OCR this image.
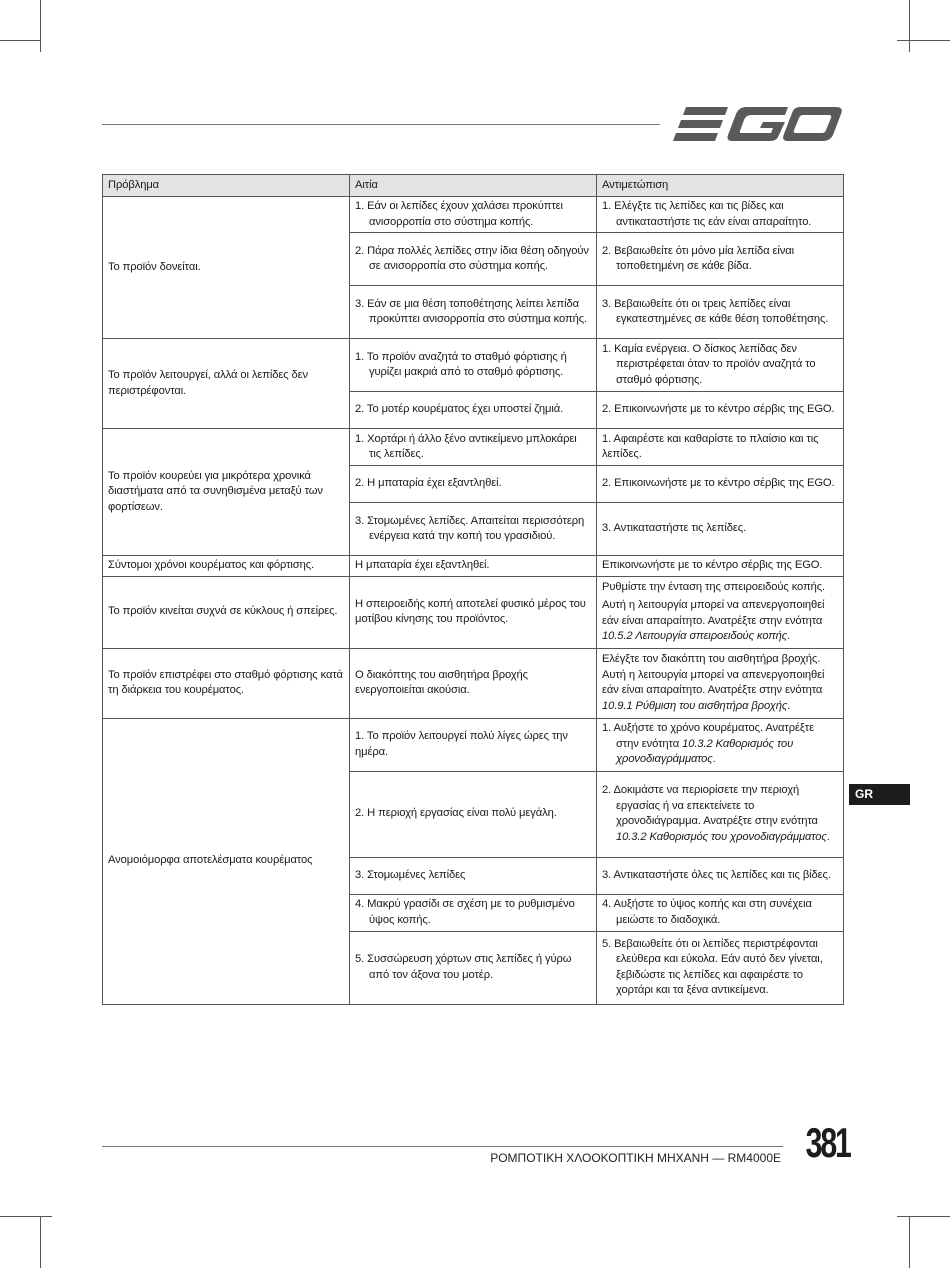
Πρόβλημα	Αιτία	Αντιμετώπιση
Το προϊόν δονείται.	1. Εάν οι λεπίδες έχουν χαλάσει προκύπτει ανισορροπία στο σύστημα κοπής.	1. Ελέγξτε τις λεπίδες και τις βίδες και αντικαταστήστε τις εάν είναι απαραίτητο.

	2. Πάρα πολλές λεπίδες στην ίδια θέση οδηγούν σε ανισορροπία στο σύστημα κοπής.	2. Βεβαιωθείτε ότι μόνο μία λεπίδα είναι τοποθετημένη σε κάθε βίδα.

	3. Εάν σε μια θέση τοποθέτησης λείπει λεπίδα προκύπτει ανισορροπία στο σύστημα κοπής.	3. Βεβαιωθείτε ότι οι τρεις λεπίδες είναι εγκατεστημένες σε κάθε θέση τοποθέτησης.

Το προϊόν λειτουργεί, αλλά οι λεπίδες δεν περιστρέφονται.	1. Το προϊόν αναζητά το σταθμό φόρτισης ή γυρίζει μακριά από το σταθμό φόρτισης.	1. Καμία ενέργεια. Ο δίσκος λεπίδας δεν περιστρέφεται όταν το προϊόν αναζητά το σταθμό φόρτισης.

	2. Το μοτέρ κουρέματος έχει υποστεί ζημιά.	2. Επικοινωνήστε με το κέντρο σέρβις της EGO.

Το προϊόν κουρεύει για μικρότερα χρονικά διαστήματα από τα συνηθισμένα μεταξύ των φορτίσεων.	1. Χορτάρι ή άλλο ξένο αντικείμενο μπλοκάρει τις λεπίδες.	1. Αφαιρέστε και καθαρίστε το πλαίσιο και τις λεπίδες.

	2. Η μπαταρία έχει εξαντληθεί.	2. Επικοινωνήστε με το κέντρο σέρβις της EGO.

	3. Στομωμένες λεπίδες. Απαιτείται περισσότερη ενέργεια κατά την κοπή του γρασιδιού.	3. Αντικαταστήστε τις λεπίδες.

Σύντομοι χρόνοι κουρέματος και φόρτισης.	Η μπαταρία έχει εξαντληθεί.	Επικοινωνήστε με το κέντρο σέρβις της EGO.
Το προϊόν κινείται συχνά σε κύκλους ή σπείρες.	Η σπειροειδής κοπή αποτελεί φυσικό μέρος του μοτίβου κίνησης του προϊόντος.	Ρυθμίστε την ένταση της σπειροειδούς κοπής.
Αυτή η λειτουργία μπορεί να απενεργοποιηθεί εάν είναι απαραίτητο. Ανατρέξτε στην ενότητα 10.5.2 Λειτουργία σπειροειδούς κοπής.

Το προϊόν επιστρέφει στο σταθμό φόρτισης κατά τη διάρκεια του κουρέματος.	Ο διακόπτης του αισθητήρα βροχής ενεργοποιείται ακούσια.	Ελέγξτε τον διακόπτη του αισθητήρα βροχής. Αυτή η λειτουργία μπορεί να απενεργοποιηθεί εάν είναι απαραίτητο. Ανατρέξτε στην ενότητα 10.9.1 Ρύθμιση του αισθητήρα βροχής.
Ανομοιόμορφα αποτελέσματα κουρέματος	1. Το προϊόν λειτουργεί πολύ λίγες ώρες την ημέρα.	1. Αυξήστε το χρόνο κουρέματος. Ανατρέξτε στην ενότητα 10.3.2 Καθορισμός του χρονοδιαγράμματος.

	2. Η περιοχή εργασίας είναι πολύ μεγάλη.	2. Δοκιμάστε να περιορίσετε την περιοχή εργασίας ή να επεκτείνετε το χρονοδιάγραμμα. Ανατρέξτε στην ενότητα 10.3.2 Καθορισμός του χρονοδιαγράμματος.

	3. Στομωμένες λεπίδες	3. Αντικαταστήστε όλες τις λεπίδες και τις βίδες.

	4. Μακρύ γρασίδι σε σχέση με το ρυθμισμένο ύψος κοπής.	4. Αυξήστε το ύψος κοπής και στη συνέχεια μειώστε το διαδοχικά.

	5. Συσσώρευση χόρτων στις λεπίδες ή γύρω από τον άξονα του μοτέρ.	5. Βεβαιωθείτε ότι οι λεπίδες περιστρέφονται ελεύθερα και εύκολα. Εάν αυτό δεν γίνεται, ξεβιδώστε τις λεπίδες και αφαιρέστε το χορτάρι και τα ξένα αντικείμενα.
GR
ΡΟΜΠΟΤΙΚΗ ΧΛΟΟΚΟΠΤΙΚΗ ΜΗΧΑΝΗ — RM4000E 381
